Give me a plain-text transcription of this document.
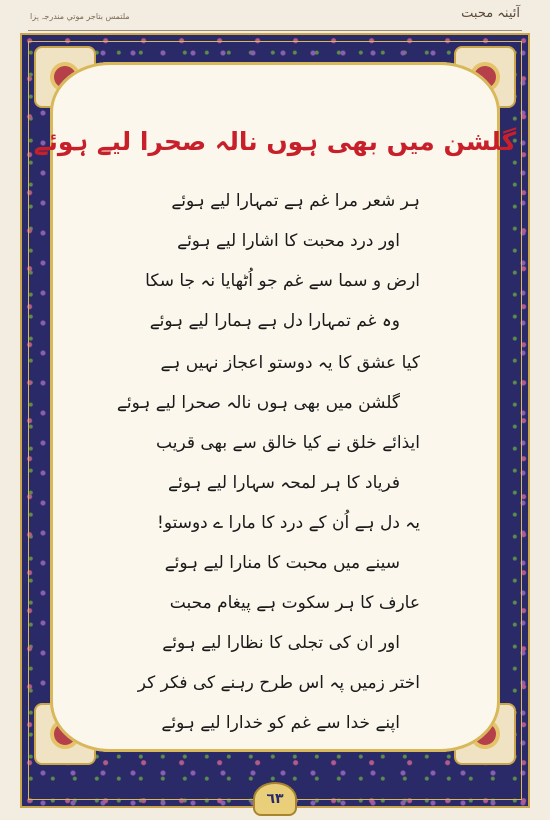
ﻣﻠﺘﻤﺲ ﺑﺘﺎﺟﺮ ﻣﻮﺗﻲ ﻣﻨﺪرﺟﮧ ﮨﺰا	آئینہ محبت
گلشن میں بھی ہوں نالہ صحرا لیے ہوئے
ہر شعر مرا غم ہے تمہارا لیے ہوئے
اور درد محبت کا اشارا لیے ہوئے
ارض و سما سے غم جو اُٹھایا نہ جا سکا
وہ غم تمہارا دل ہے ہمارا لیے ہوئے
کیا عشق کا یہ دوستو اعجاز نہیں ہے
گلشن میں بھی ہوں نالہ صحرا لیے ہوئے
ایذائے خلق نے کیا خالق سے بھی قریب
فریاد کا ہر لمحہ سہارا لیے ہوئے
یہ دل ہے اُن کے درد کا مارا ے دوستو!
سینے میں محبت کا منارا لیے ہوئے
عارف کا ہر سکوت ہے پیغام محبت
اور ان کی تجلی کا نظارا لیے ہوئے
اختر زمیں پہ اس طرح رہنے کی فکر کر
اپنے خدا سے غم کو خدارا لیے ہوئے
٦٣
